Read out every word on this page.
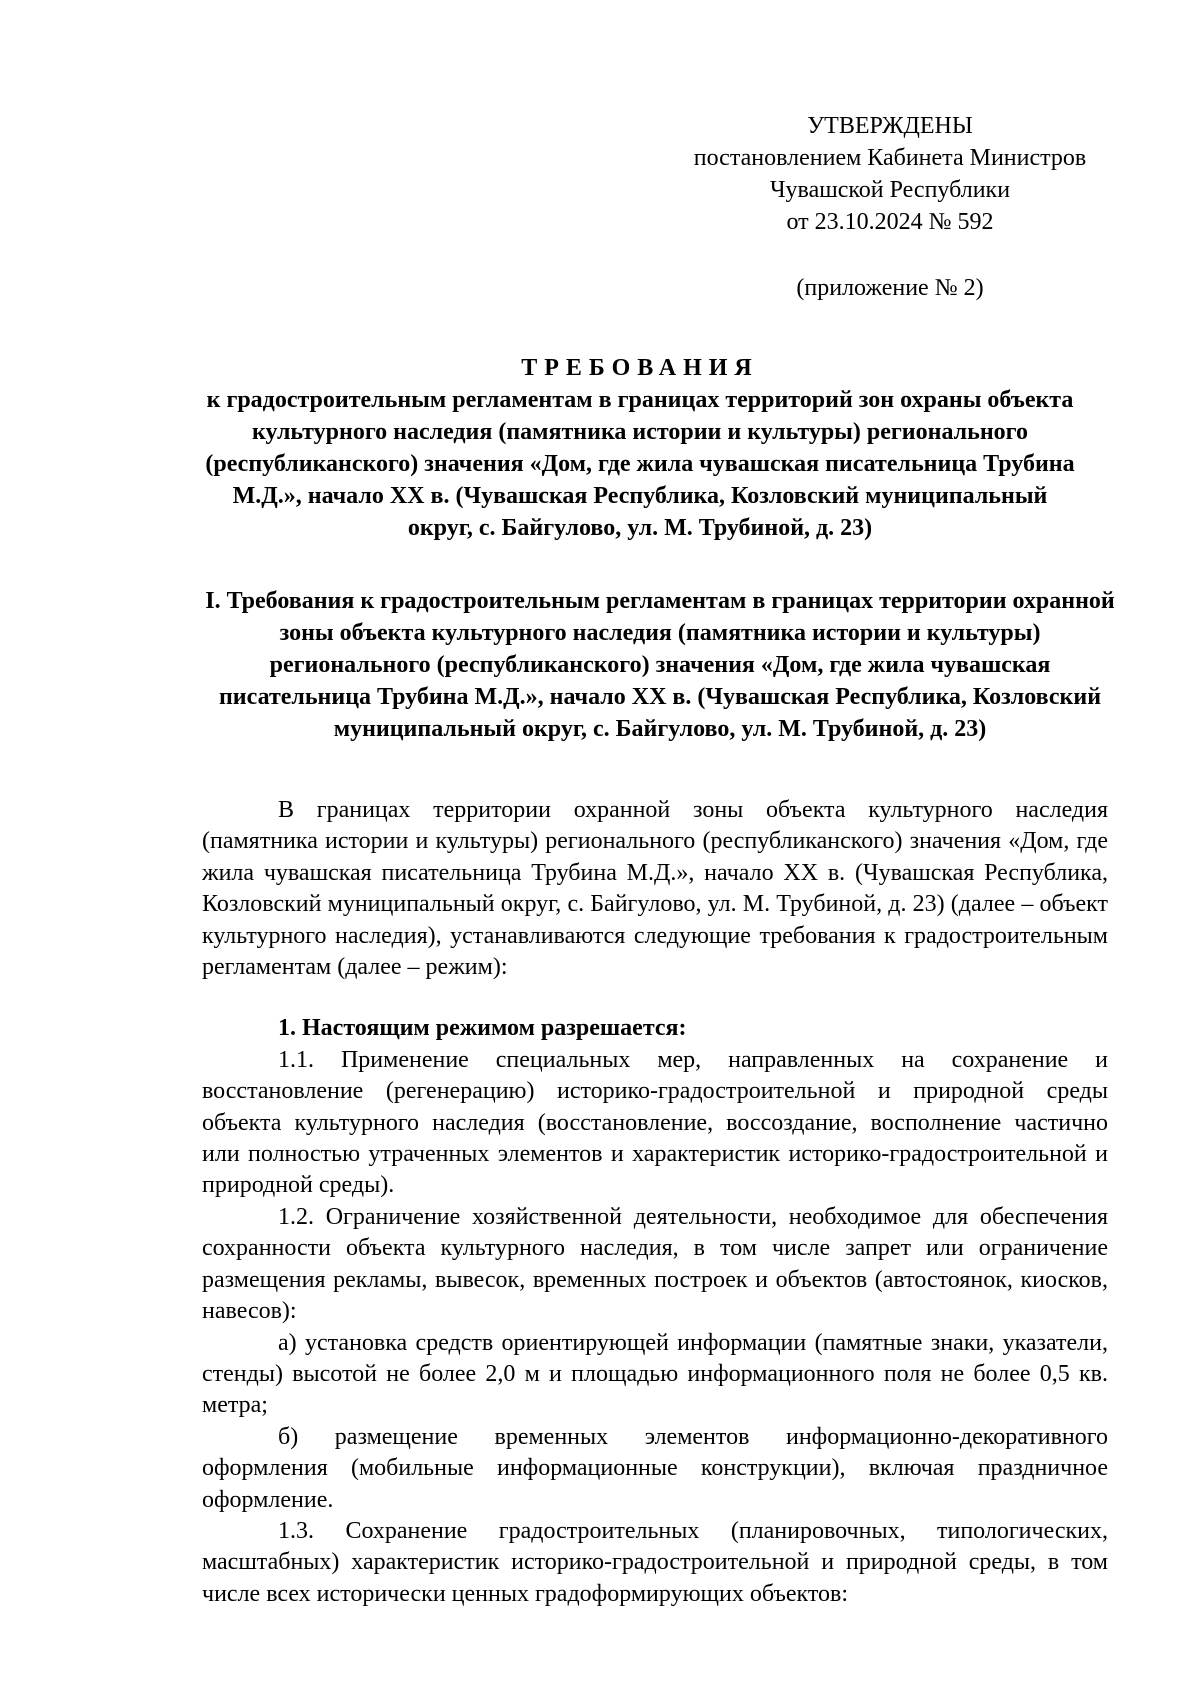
УТВЕРЖДЕНЫ
постановлением Кабинета Министров
Чувашской Республики
от 23.10.2024 № 592
(приложение № 2)
ТРЕБОВАНИЯ
к градостроительным регламентам в границах территорий зон охраны объекта культурного наследия (памятника истории и культуры) регионального (республиканского) значения «Дом, где жила чувашская писательница Трубина М.Д.», начало XX в. (Чувашская Республика, Козловский муниципальный округ, с. Байгулово, ул. М. Трубиной, д. 23)
I. Требования к градостроительным регламентам в границах территории охранной зоны объекта культурного наследия (памятника истории и культуры) регионального (республиканского) значения «Дом, где жила чувашская писательница Трубина М.Д.», начало XX в. (Чувашская Республика, Козловский муниципальный округ, с. Байгулово, ул. М. Трубиной, д. 23)

В границах территории охранной зоны объекта культурного наследия (памятника истории и культуры) регионального (республиканского) значения «Дом, где жила чувашская писательница Трубина М.Д.», начало XX в. (Чувашская Республика, Козловский муниципальный округ, с. Байгулово, ул. М. Трубиной, д. 23) (далее – объект культурного наследия), устанавливаются следующие требования к градостроительным регламентам (далее – режим):

1. Настоящим режимом разрешается:

1.1. Применение специальных мер, направленных на сохранение и восстановление (регенерацию) историко-градостроительной и природной среды объекта культурного наследия (восстановление, воссоздание, восполнение частично или полностью утраченных элементов и характеристик историко-градостроительной и природной среды).

1.2. Ограничение хозяйственной деятельности, необходимое для обеспечения сохранности объекта культурного наследия, в том числе запрет или ограничение размещения рекламы, вывесок, временных построек и объектов (автостоянок, киосков, навесов):

а) установка средств ориентирующей информации (памятные знаки, указатели, стенды) высотой не более 2,0 м и площадью информационного поля не более 0,5 кв. метра;

б) размещение временных элементов информационно-декоративного оформления (мобильные информационные конструкции), включая праздничное оформление.

1.3. Сохранение градостроительных (планировочных, типологических, масштабных) характеристик историко-градостроительной и природной среды, в том числе всех исторически ценных градоформирующих объектов:
